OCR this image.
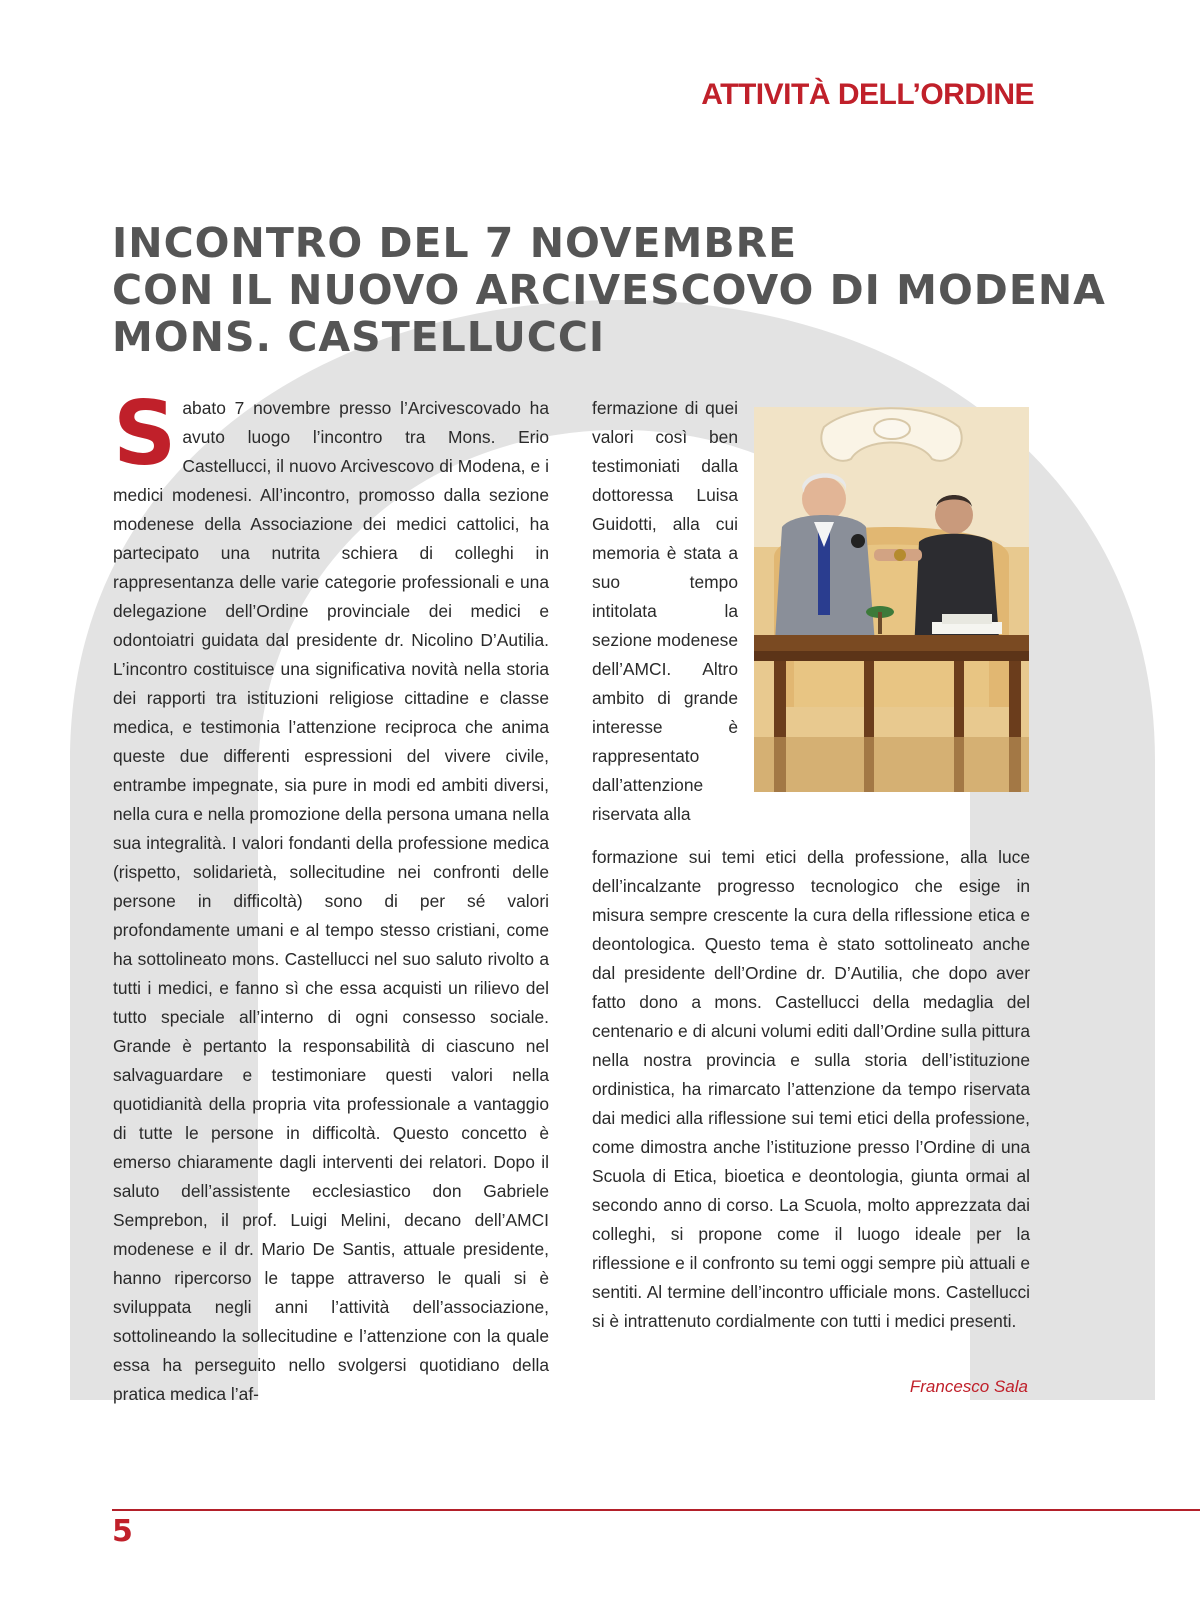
ATTIVITÀ DELL’ORDINE
INCONTRO DEL 7 NOVEMBRE
CON IL NUOVO ARCIVESCOVO DI MODENA
MONS. CASTELLUCCI
S abato 7 novembre presso l’Arcivescovado ha avuto luogo l’incontro tra Mons. Erio Castellucci, il nuovo Arcivescovo di Modena, e i medici modenesi. All’incontro, promosso dalla sezione modenese della Associazione dei medici cattolici, ha partecipato una nutrita schiera di colleghi in rappresentanza delle varie categorie professionali e una delegazione dell’Ordine provinciale dei medici e odontoiatri guidata dal presidente dr. Nicolino D’Autilia. L’incontro costituisce una significativa novità nella storia dei rapporti tra istituzioni religiose cittadine e classe medica, e testimonia l’attenzione reciproca che anima queste due differenti espressioni del vivere civile, entrambe impegnate, sia pure in modi ed ambiti diversi, nella cura e nella promozione della persona umana nella sua integralità. I valori fondanti della professione medica (rispetto, solidarietà, sollecitudine nei confronti delle persone in difficoltà) sono di per sé valori profondamente umani e al tempo stesso cristiani, come ha sottolineato mons. Castellucci nel suo saluto rivolto a tutti i medici, e fanno sì che essa acquisti un rilievo del tutto speciale all’interno di ogni consesso sociale. Grande è pertanto la responsabilità di ciascuno nel salvaguardare e testimoniare questi valori nella quotidianità della propria vita professionale a vantaggio di tutte le persone in difficoltà. Questo concetto è emerso chiaramente dagli interventi dei relatori. Dopo il saluto dell’assistente ecclesiastico don Gabriele Semprebon, il prof. Luigi Melini, decano dell’AMCI modenese e il dr. Mario De Santis, attuale presidente, hanno ripercorso le tappe attraverso le quali si è sviluppata negli anni l’attività dell’associazione, sottolineando la sollecitudine e l’attenzione con la quale essa ha perseguito nello svolgersi quotidiano della pratica medica l’af-

fermazione di quei valori così ben testimoniati dalla dottoressa Luisa Guidotti, alla cui memoria è stata a suo tempo intitolata la sezione modenese dell’AMCI. Altro ambito di grande interesse è rappresentato dall’attenzione riservata alla

formazione sui temi etici della professione, alla luce dell’incalzante progresso tecnologico che esige in misura sempre crescente la cura della riflessione etica e deontologica. Questo tema è stato sottolineato anche dal presidente dell’Ordine dr. D’Autilia, che dopo aver fatto dono a mons. Castellucci della medaglia del centenario e di alcuni volumi editi dall’Ordine sulla pittura nella nostra provincia e sulla storia dell’istituzione ordinistica, ha rimarcato l’attenzione da tempo riservata dai medici alla riflessione sui temi etici della professione, come dimostra anche l’istituzione presso l’Ordine di una Scuola di Etica, bioetica e deontologia, giunta ormai al secondo anno di corso. La Scuola, molto apprezzata dai colleghi, si propone come il luogo ideale per la riflessione e il confronto su temi oggi sempre più attuali e sentiti. Al termine dell’incontro ufficiale mons. Castellucci si è intrattenuto cordialmente con tutti i medici presenti.

Francesco Sala
5
